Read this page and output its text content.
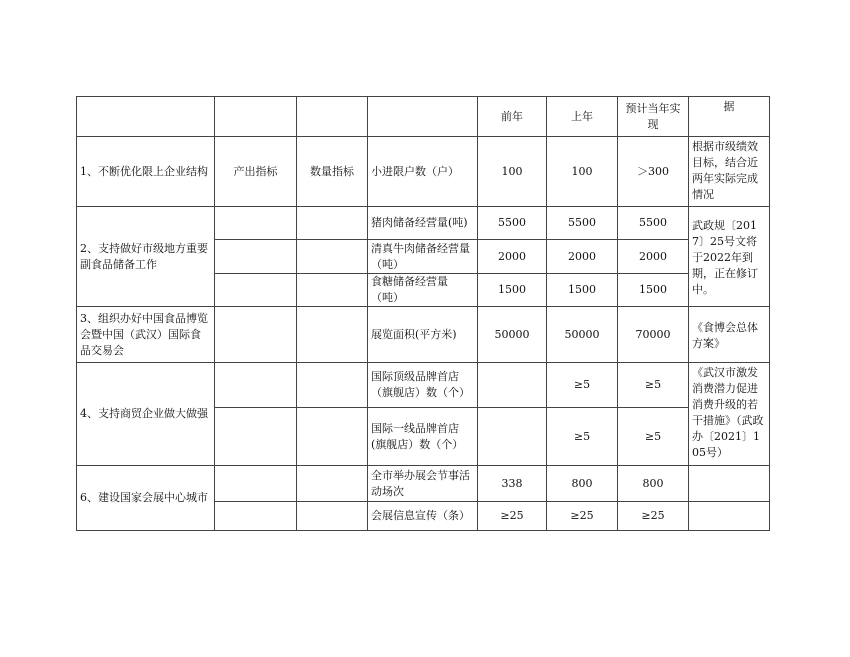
				前年	上年	预计当年实现	据
1、不断优化限上企业结构	产出指标	数量指标	小进限户数（户）	100	100	＞300	根据市级绩效目标，结合近两年实际完成情况
2、支持做好市级地方重要副食品储备工作			猪肉储备经营量(吨)	5500	5500	5500	武政规〔2017〕25号文将于2022年到期，正在修订中。
			清真牛肉储备经营量（吨）	2000	2000	2000	
			食糖储备经营量（吨）	1500	1500	1500	
3、组织办好中国食品博览会暨中国（武汉）国际食品交易会			展览面积(平方米)	50000	50000	70000	《食博会总体方案》
4、支持商贸企业做大做强			国际顶级品牌首店（旗舰店）数（个）		≥5	≥5	《武汉市激发消费潜力促进消费升级的若干措施》（武政办〔2021〕105号）
			国际一线品牌首店(旗舰店）数（个）		≥5	≥5	
6、建设国家会展中心城市			全市举办展会节事活动场次	338	800	800	
			会展信息宣传（条）	≥25	≥25	≥25	
